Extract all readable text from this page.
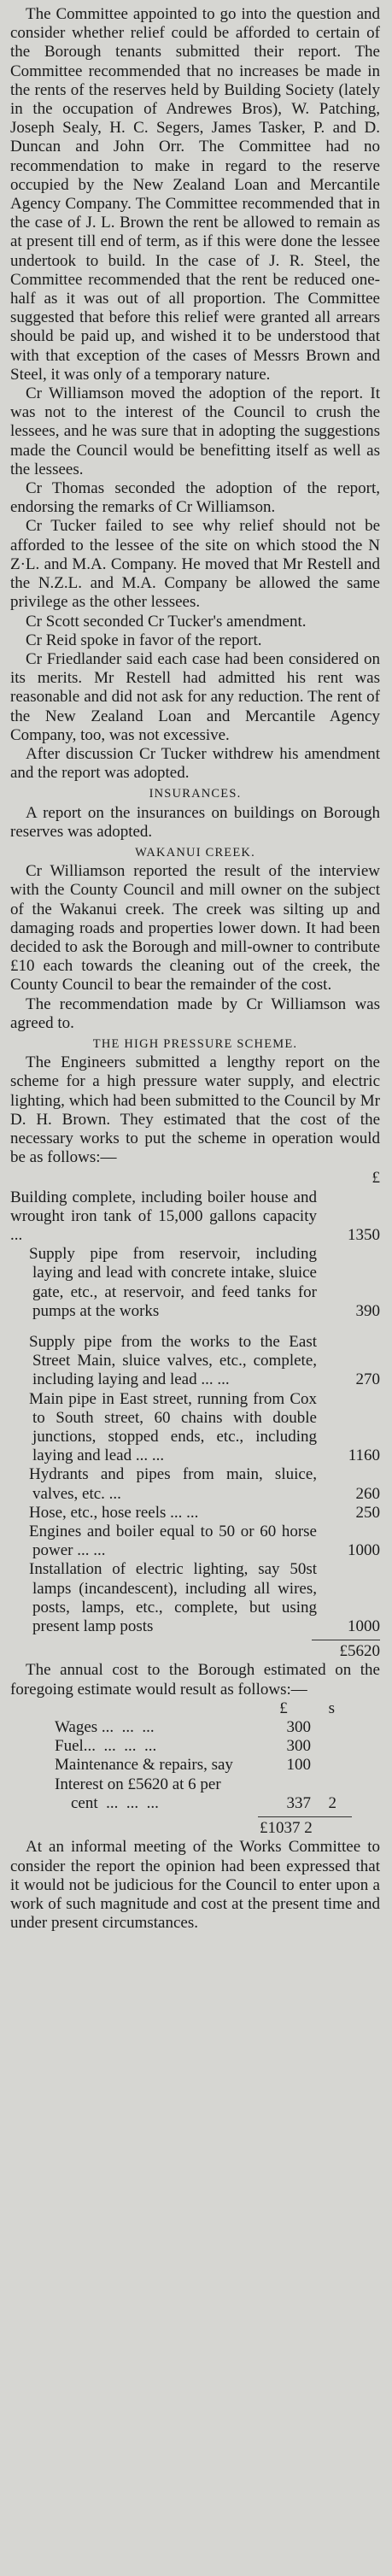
The Committee appointed to go into the question and consider whether relief could be afforded to certain of the Borough tenants submitted their report. The Committee recommended that no increases be made in the rents of the reserves held by Building Society (lately in the occupation of Andrewes Bros), W. Patching, Joseph Sealy, H. C. Segers, James Tasker, P. and D. Duncan and John Orr. The Committee had no recommendation to make in regard to the reserve occupied by the New Zealand Loan and Mercantile Agency Company. The Committee recommended that in the case of J. L. Brown the rent be allowed to remain as at present till end of term, as if this were done the lessee undertook to build. In the case of J. R. Steel, the Committee recommended that the rent be reduced one-half as it was out of all proportion. The Committee suggested that before this relief were granted all arrears should be paid up, and wished it to be understood that with that exception of the cases of Messrs Brown and Steel, it was only of a temporary nature.

Cr Williamson moved the adoption of the report. It was not to the interest of the Council to crush the lessees, and he was sure that in adopting the suggestions made the Council would be benefitting itself as well as the lessees.

Cr Thomas seconded the adoption of the report, endorsing the remarks of Cr Williamson.

Cr Tucker failed to see why relief should not be afforded to the lessee of the site on which stood the N Z·L. and M.A. Company. He moved that Mr Restell and the N.Z.L. and M.A. Company be allowed the same privilege as the other lessees.

Cr Scott seconded Cr Tucker's amendment.

Cr Reid spoke in favor of the report.

Cr Friedlander said each case had been considered on its merits. Mr Restell had admitted his rent was reasonable and did not ask for any reduction. The rent of the New Zealand Loan and Mercantile Agency Company, too, was not excessive.

After discussion Cr Tucker withdrew his amendment and the report was adopted.

INSURANCES.

A report on the insurances on buildings on Borough reserves was adopted.

WAKANUI CREEK.

Cr Williamson reported the result of the interview with the County Council and mill owner on the subject of the Wakanui creek. The creek was silting up and damaging roads and properties lower down. It had been decided to ask the Borough and mill-owner to contribute £10 each towards the cleaning out of the creek, the County Council to bear the remainder of the cost.

The recommendation made by Cr Williamson was agreed to.

THE HIGH PRESSURE SCHEME.

The Engineers submitted a lengthy report on the scheme for a high pressure water supply, and electric lighting, which had been submitted to the Council by Mr D. H. Brown. They estimated that the cost of the necessary works to put the scheme in operation would be as follows:—

£
Building complete, including boiler house and wrought iron tank of 15,000 gallons capacity ...	1350
Supply pipe from reservoir, including laying and lead with concrete intake, sluice gate, etc., at reservoir, and feed tanks for pumps at the works	390
Supply pipe from the works to the East Street Main, sluice valves, etc., complete, including laying and lead ... ...	270
Main pipe in East street, running from Cox to South street, 60 chains with double junctions, stopped ends, etc., including laying and lead ... ...	1160
Hydrants and pipes from main, sluice, valves, etc. ...	260
Hose, etc., hose reels ... ...	250
Engines and boiler equal to 50 or 60 horse power ... ...	1000
Installation of electric lighting, say 50st lamps (incandescent), including all wires, posts, lamps, etc., complete, but using present lamp posts	1000
£5620

The annual cost to the Borough estimated on the foregoing estimate would result as follows:—

£	s
Wages ...  ...  ...	300
Fuel...  ...  ...  ...	300
Maintenance & repairs, say	100
Interest on £5620 at 6 per
cent  ...  ...  ...	337	2
£1037 2

At an informal meeting of the Works Committee to consider the report the opinion had been expressed that it would not be judicious for the Council to enter upon a work of such magnitude and cost at the present time and under present circumstances.
